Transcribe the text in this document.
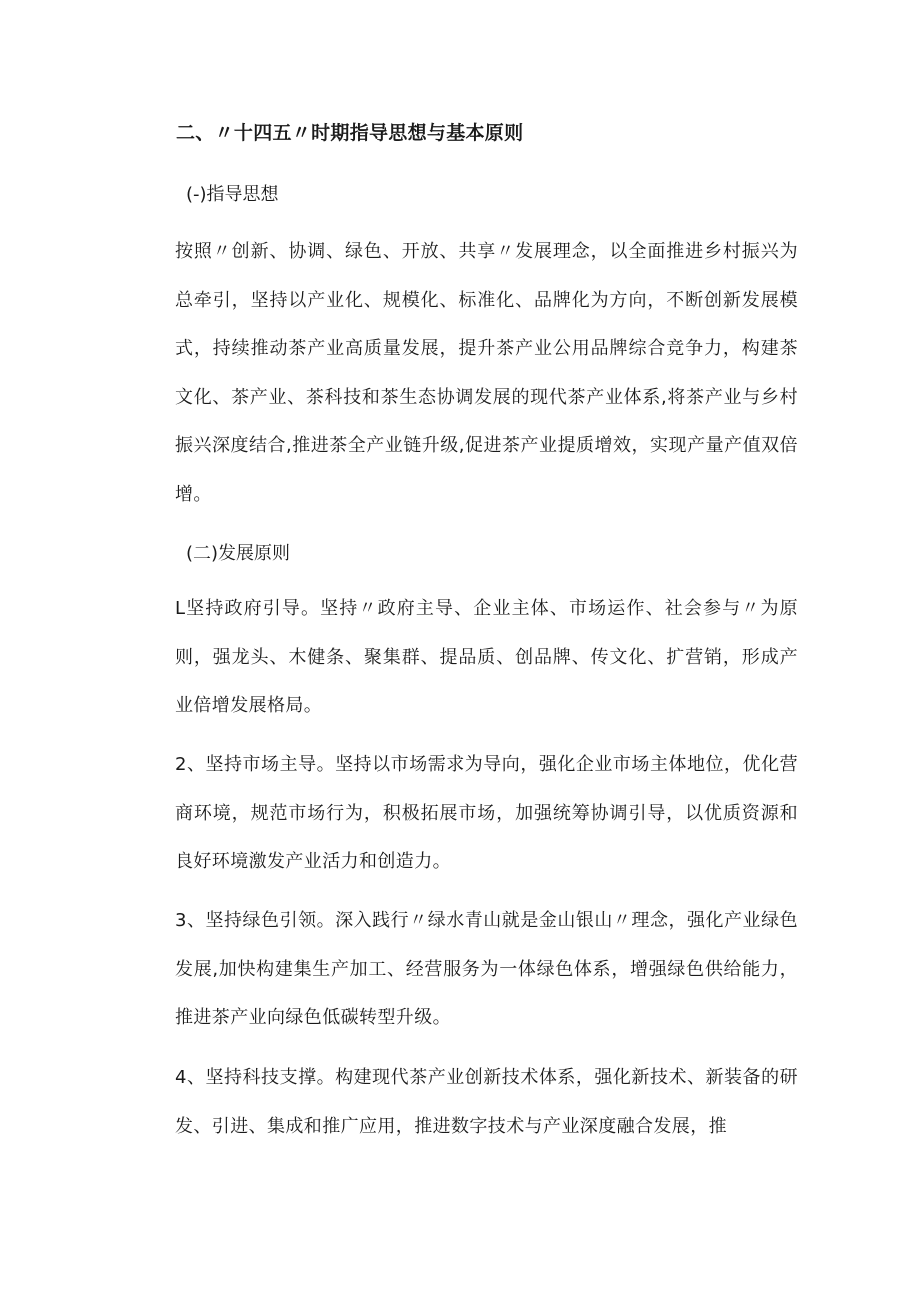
二、〃十四五〃时期指导思想与基本原则
(-)指导思想

按照〃创新、协调、绿色、开放、共享〃发展理念，以全面推进乡村振兴为总牵引，坚持以产业化、规模化、标准化、品牌化为方向，不断创新发展模式，持续推动茶产业高质量发展，提升茶产业公用品牌综合竞争力，构建茶文化、茶产业、茶科技和茶生态协调发展的现代茶产业体系,将茶产业与乡村振兴深度结合,推进茶全产业链升级,促进茶产业提质增效，实现产量产值双倍增。

(二)发展原则

L坚持政府引导。坚持〃政府主导、企业主体、市场运作、社会参与〃为原则，强龙头、木健条、聚集群、提品质、创品牌、传文化、扩营销，形成产业倍增发展格局。

2、坚持市场主导。坚持以市场需求为导向，强化企业市场主体地位，优化营商环境，规范市场行为，积极拓展市场，加强统筹协调引导，以优质资源和良好环境激发产业活力和创造力。

3、坚持绿色引领。深入践行〃绿水青山就是金山银山〃理念，强化产业绿色发展,加快构建集生产加工、经营服务为一体绿色体系，增强绿色供给能力，推进茶产业向绿色低碳转型升级。

4、坚持科技支撑。构建现代茶产业创新技术体系，强化新技术、新装备的研发、引进、集成和推广应用，推进数字技术与产业深度融合发展，推
